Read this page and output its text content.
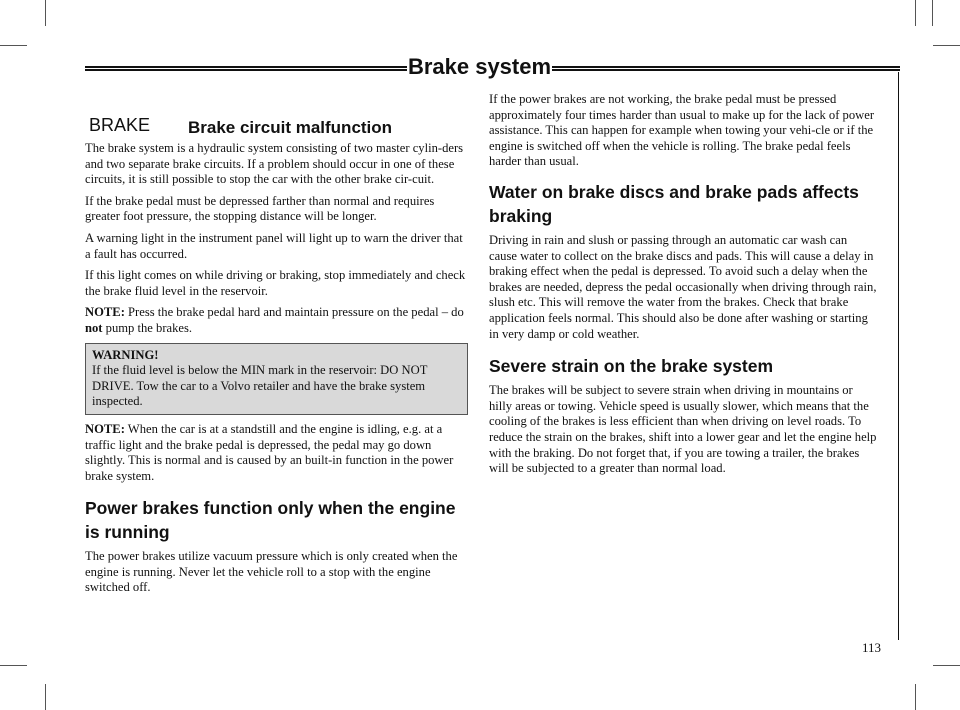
Brake system
BRAKE Brake circuit malfunction

The brake system is a hydraulic system consisting of two master cylin-ders and two separate brake circuits. If a problem should occur in one of these circuits, it is still possible to stop the car with the other brake cir-cuit.

If the brake pedal must be depressed farther than normal and requires greater foot pressure, the stopping distance will be longer.

A warning light in the instrument panel will light up to warn the driver that a fault has occurred.

If this light comes on while driving or braking, stop immediately and check the brake fluid level in the reservoir.

NOTE: Press the brake pedal hard and maintain pressure on the pedal – do not pump the brakes.

WARNING!
If the fluid level is below the MIN mark in the reservoir: DO NOT DRIVE. Tow the car to a Volvo retailer and have the brake system inspected.

NOTE: When the car is at a standstill and the engine is idling, e.g. at a traffic light and the brake pedal is depressed, the pedal may go down slightly. This is normal and is caused by an built-in function in the power brake system.

Power brakes function only when the engine is running

The power brakes utilize vacuum pressure which is only created when the engine is running. Never let the vehicle roll to a stop with the engine switched off.

If the power brakes are not working, the brake pedal must be pressed approximately four times harder than usual to make up for the lack of power assistance. This can happen for example when towing your vehi-cle or if the engine is switched off when the vehicle is rolling. The brake pedal feels harder than usual.

Water on brake discs and brake pads affects braking

Driving in rain and slush or passing through an automatic car wash can cause water to collect on the brake discs and pads. This will cause a delay in braking effect when the pedal is depressed. To avoid such a delay when the brakes are needed, depress the pedal occasionally when driving through rain, slush etc. This will remove the water from the brakes. Check that brake application feels normal. This should also be done after washing or starting in very damp or cold weather.

Severe strain on the brake system

The brakes will be subject to severe strain when driving in mountains or hilly areas or towing. Vehicle speed is usually slower, which means that the cooling of the brakes is less efficient than when driving on level roads. To reduce the strain on the brakes, shift into a lower gear and let the engine help with the braking. Do not forget that, if you are towing a trailer, the brakes will be subjected to a greater than normal load.

113
